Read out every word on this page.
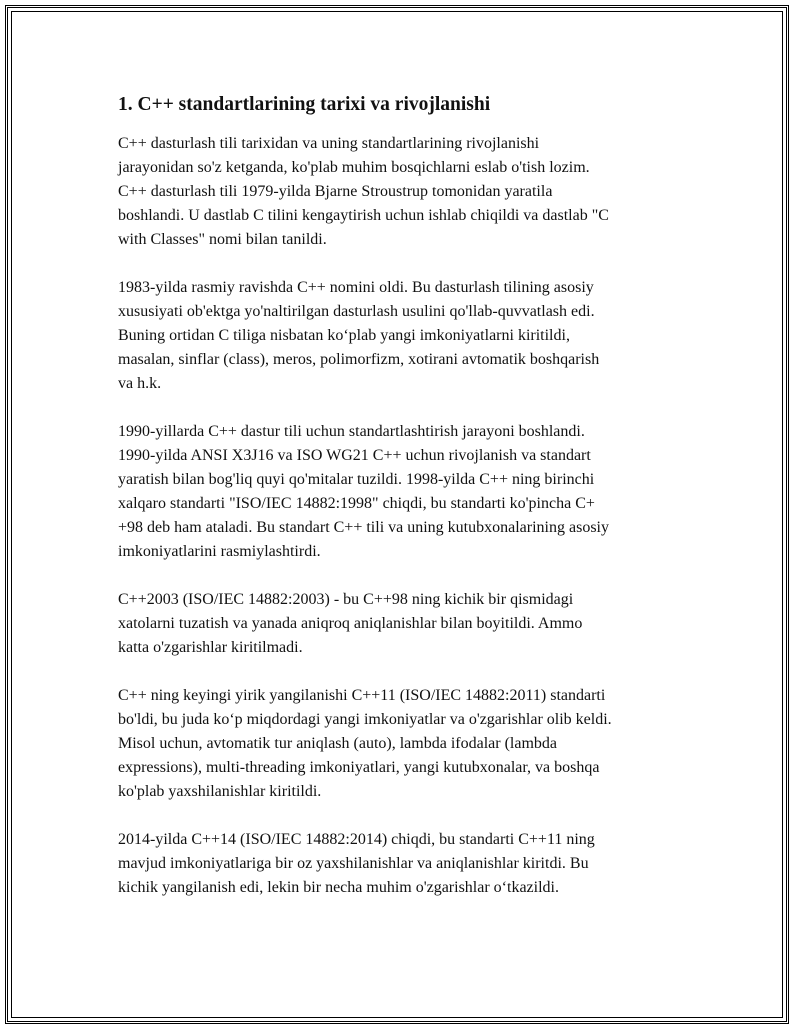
1. C++ standartlarining tarixi va rivojlanishi

C++ dasturlash tili tarixidan va uning standartlarining rivojlanishi
jarayonidan so'z ketganda, ko'plab muhim bosqichlarni eslab o'tish lozim.
C++ dasturlash tili 1979-yilda Bjarne Stroustrup tomonidan yaratila
boshlandi. U dastlab C tilini kengaytirish uchun ishlab chiqildi va dastlab "C
with Classes" nomi bilan tanildi.

1983-yilda rasmiy ravishda C++ nomini oldi. Bu dasturlash tilining asosiy
xususiyati ob'ektga yo'naltirilgan dasturlash usulini qo'llab-quvvatlash edi.
Buning ortidan C tiliga nisbatan ko‘plab yangi imkoniyatlarni kiritildi,
masalan, sinflar (class), meros, polimorfizm, xotirani avtomatik boshqarish
va h.k.

1990-yillarda C++ dastur tili uchun standartlashtirish jarayoni boshlandi.
1990-yilda ANSI X3J16 va ISO WG21 C++ uchun rivojlanish va standart
yaratish bilan bog'liq quyi qo'mitalar tuzildi. 1998-yilda C++ ning birinchi
xalqaro standarti "ISO/IEC 14882:1998" chiqdi, bu standarti ko'pincha C+
+98 deb ham ataladi. Bu standart C++ tili va uning kutubxonalarining asosiy
imkoniyatlarini rasmiylashtirdi.

C++2003 (ISO/IEC 14882:2003) - bu C++98 ning kichik bir qismidagi
xatolarni tuzatish va yanada aniqroq aniqlanishlar bilan boyitildi. Ammo
katta o'zgarishlar kiritilmadi.

C++ ning keyingi yirik yangilanishi C++11 (ISO/IEC 14882:2011) standarti
bo'ldi, bu juda ko‘p miqdordagi yangi imkoniyatlar va o'zgarishlar olib keldi.
Misol uchun, avtomatik tur aniqlash (auto), lambda ifodalar (lambda
expressions), multi-threading imkoniyatlari, yangi kutubxonalar, va boshqa
ko'plab yaxshilanishlar kiritildi.

2014-yilda C++14 (ISO/IEC 14882:2014) chiqdi, bu standarti C++11 ning
mavjud imkoniyatlariga bir oz yaxshilanishlar va aniqlanishlar kiritdi. Bu
kichik yangilanish edi, lekin bir necha muhim o'zgarishlar o‘tkazildi.
